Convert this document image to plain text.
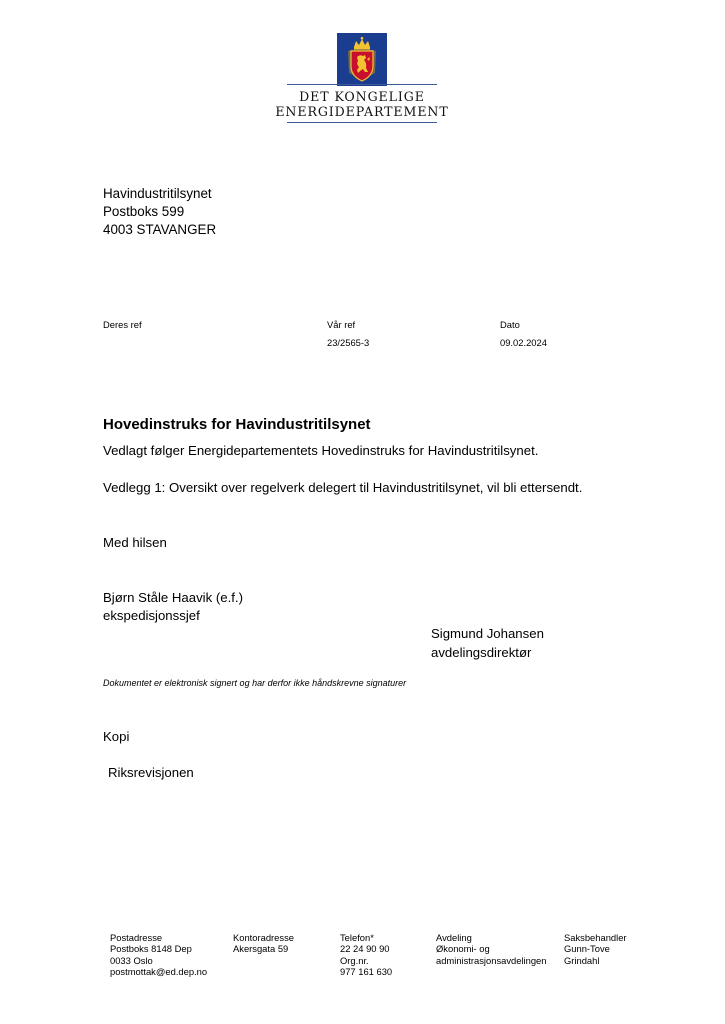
DET KONGELIGE
ENERGIDEPARTEMENT
Havindustritilsynet
Postboks 599
4003 STAVANGER
Deres ref	Vår ref
23/2565-3
Dato
09.02.2024
Hovedinstruks for Havindustritilsynet
Vedlagt følger Energidepartementets Hovedinstruks for Havindustritilsynet.
Vedlegg 1: Oversikt over regelverk delegert til Havindustritilsynet, vil bli ettersendt.
Med hilsen
Bjørn Ståle Haavik (e.f.)
ekspedisjonssjef
Sigmund Johansen
avdelingsdirektør
Dokumentet er elektronisk signert og har derfor ikke håndskrevne signaturer
Kopi
Riksrevisjonen
Postadresse
Postboks 8148 Dep
0033 Oslo
postmottak@ed.dep.no
Kontoradresse
Akersgata 59
Telefon*
22 24 90 90
Org.nr.
977 161 630
Avdeling
Økonomi- og
administrasjonsavdelingen
Saksbehandler
Gunn-Tove
Grindahl
